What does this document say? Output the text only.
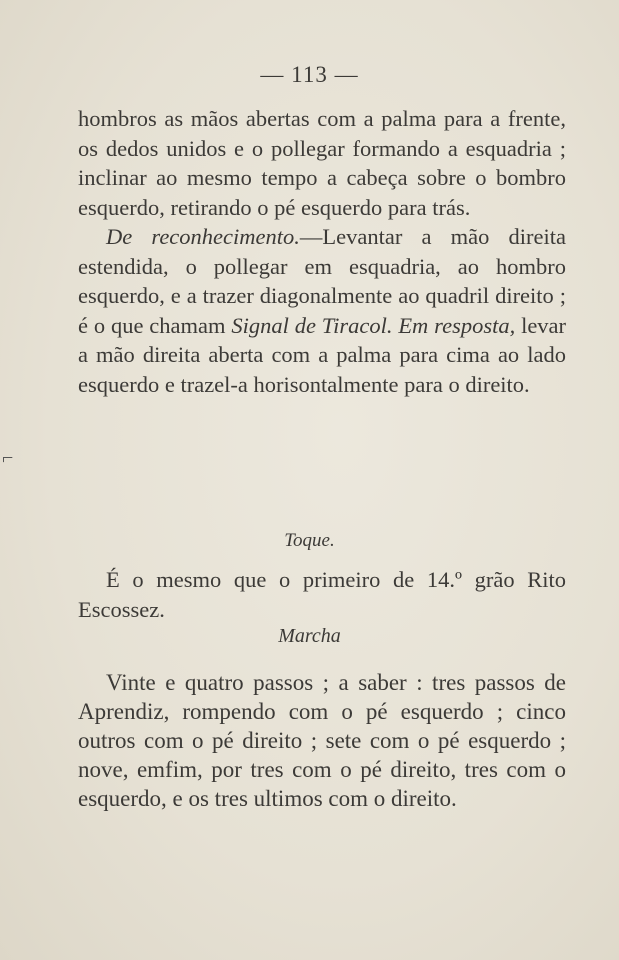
— 113 —

hombros as mãos abertas com a palma para a frente, os dedos unidos e o pollegar formando a esquadria ; inclinar ao mesmo tempo a cabeça sobre o bombro esquerdo, retirando o pé esquerdo para trás.

De reconhecimento.—Levantar a mão direita estendida, o pollegar em esquadria, ao hombro esquerdo, e a trazer diagonalmente ao quadril direito ; é o que chamam Signal de Tiracol. Em resposta, levar a mão direita aberta com a palma para cima ao lado esquerdo e trazel-a horisontalmente para o direito.

Toque.

É o mesmo que o primeiro de 14.º grão Rito Escossez.

Marcha

Vinte e quatro passos ; a saber : tres passos de Aprendiz, rompendo com o pé esquerdo ; cinco outros com o pé direito ; sete com o pé esquerdo ; nove, emfim, por tres com o pé direito, tres com o esquerdo, e os tres ultimos com o direito.

⌐
